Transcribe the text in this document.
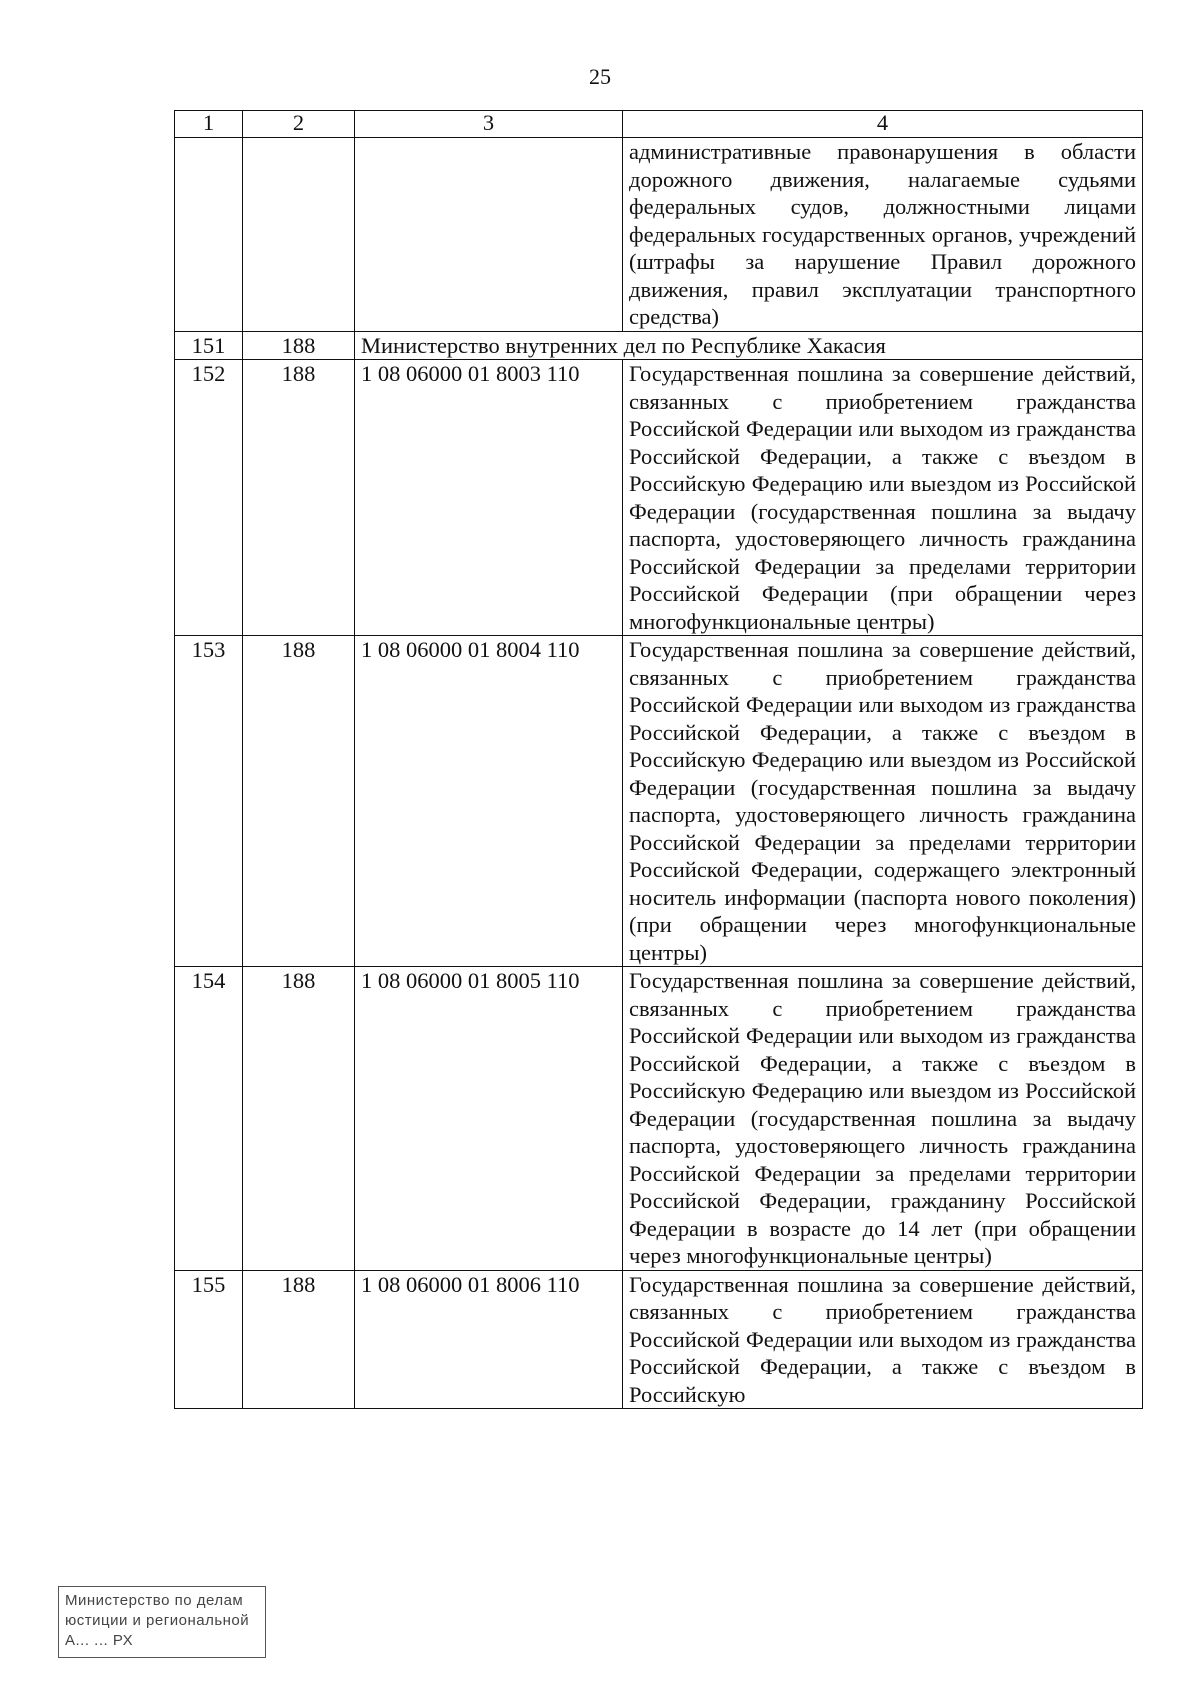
25
1	2	3	4
			административные правонарушения в области дорожного движения, налагаемые судьями федеральных судов, должностными лицами федеральных государственных органов, учреждений (штрафы за нарушение Правил дорожного движения, правил эксплуатации транспортного средства)
151	188	Министерство внутренних дел по Республике Хакасия	
152	188	1 08 06000 01 8003 110	Государственная пошлина за совершение действий, связанных с приобретением гражданства Российской Федерации или выходом из гражданства Российской Федерации, а также с въездом в Российскую Федерацию или выездом из Российской Федерации (государственная пошлина за выдачу паспорта, удостоверяющего личность гражданина Российской Федерации за пределами территории Российской Федерации (при обращении через многофункциональные центры)
153	188	1 08 06000 01 8004 110	Государственная пошлина за совершение действий, связанных с приобретением гражданства Российской Федерации или выходом из гражданства Российской Федерации, а также с въездом в Российскую Федерацию или выездом из Российской Федерации (государственная пошлина за выдачу паспорта, удостоверяющего личность гражданина Российской Федерации за пределами территории Российской Федерации, содержащего электронный носитель информации (паспорта нового поколения) (при обращении через многофункциональные центры)
154	188	1 08 06000 01 8005 110	Государственная пошлина за совершение действий, связанных с приобретением гражданства Российской Федерации или выходом из гражданства Российской Федерации, а также с въездом в Российскую Федерацию или выездом из Российской Федерации (государственная пошлина за выдачу паспорта, удостоверяющего личность гражданина Российской Федерации за пределами территории Российской Федерации, гражданину Российской Федерации в возрасте до 14 лет (при обращении через многофункциональные центры)
155	188	1 08 06000 01 8006 110	Государственная пошлина за совершение действий, связанных с приобретением гражданства Российской Федерации или выходом из гражданства Российской Федерации, а также с въездом в Российскую
Министерство по делам
юстиции и региональной
А... ... РХ
